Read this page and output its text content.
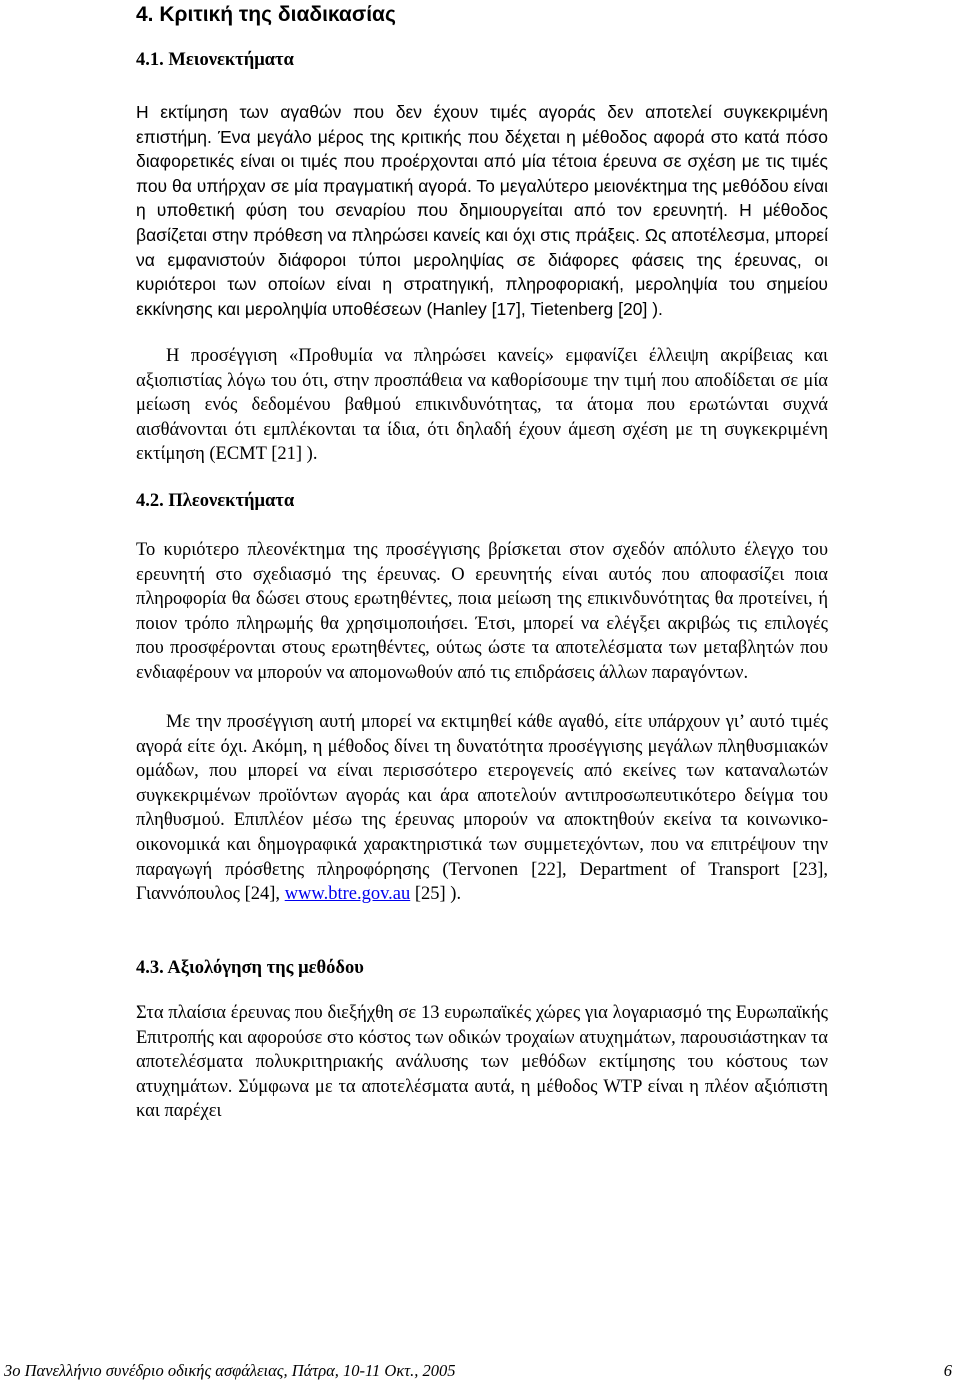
4. Κριτική της διαδικασίας
4.1. Μειονεκτήματα

Η εκτίμηση των αγαθών που δεν έχουν τιμές αγοράς δεν αποτελεί συγκεκριμένη επιστήμη. Ένα μεγάλο μέρος της κριτικής που δέχεται η μέθοδος αφορά στο κατά πόσο διαφορετικές είναι οι τιμές που προέρχονται από μία τέτοια έρευνα σε σχέση με τις τιμές που θα υπήρχαν σε μία πραγματική αγορά. Το μεγαλύτερο μειονέκτημα της μεθόδου είναι η υποθετική φύση του σεναρίου που δημιουργείται από τον ερευνητή. Η μέθοδος βασίζεται στην πρόθεση να πληρώσει κανείς και όχι στις πράξεις. Ως αποτέλεσμα, μπορεί να εμφανιστούν διάφοροι τύποι μεροληψίας σε διάφορες φάσεις της έρευνας, οι κυριότεροι των οποίων είναι η στρατηγική, πληροφοριακή, μεροληψία του σημείου εκκίνησης και μεροληψία υποθέσεων (Hanley [17], Tietenberg [20] ).

Η προσέγγιση «Προθυμία να πληρώσει κανείς» εμφανίζει έλλειψη ακρίβειας και αξιοπιστίας λόγω του ότι, στην προσπάθεια να καθορίσουμε την τιμή που αποδίδεται σε μία μείωση ενός δεδομένου βαθμού επικινδυνότητας, τα άτομα που ερωτώνται συχνά αισθάνονται ότι εμπλέκονται τα ίδια, ότι δηλαδή έχουν άμεση σχέση με τη συγκεκριμένη εκτίμηση (ECMT [21] ).

4.2. Πλεονεκτήματα

Το κυριότερο πλεονέκτημα της προσέγγισης βρίσκεται στον σχεδόν απόλυτο έλεγχο του ερευνητή στο σχεδιασμό της έρευνας. Ο ερευνητής είναι αυτός που αποφασίζει ποια πληροφορία θα δώσει στους ερωτηθέντες, ποια μείωση της επικινδυνότητας θα προτείνει, ή ποιον τρόπο πληρωμής θα χρησιμοποιήσει. Έτσι, μπορεί να ελέγξει ακριβώς τις επιλογές που προσφέρονται στους ερωτηθέντες, ούτως ώστε τα αποτελέσματα των μεταβλητών που ενδιαφέρουν να μπορούν να απομονωθούν από τις επιδράσεις άλλων παραγόντων.

Με την προσέγγιση αυτή μπορεί να εκτιμηθεί κάθε αγαθό, είτε υπάρχουν γι’ αυτό τιμές αγορά είτε όχι. Ακόμη, η μέθοδος δίνει τη δυνατότητα προσέγγισης μεγάλων πληθυσμιακών ομάδων, που μπορεί να είναι περισσότερο ετερογενείς από εκείνες των καταναλωτών συγκεκριμένων προϊόντων αγοράς και άρα αποτελούν αντιπροσωπευτικότερο δείγμα του πληθυσμού. Επιπλέον μέσω της έρευνας μπορούν να αποκτηθούν εκείνα τα κοινωνικο-οικονομικά και δημογραφικά χαρακτηριστικά των συμμετεχόντων, που να επιτρέψουν την παραγωγή πρόσθετης πληροφόρησης (Tervonen [22], Department of Transport [23], Γιαννόπουλος [24], www.btre.gov.au [25] ).

4.3. Αξιολόγηση της μεθόδου

Στα πλαίσια έρευνας που διεξήχθη σε 13 ευρωπαϊκές χώρες για λογαριασμό της Ευρωπαϊκής Επιτροπής και αφορούσε στο κόστος των οδικών τροχαίων ατυχημάτων, παρουσιάστηκαν τα αποτελέσματα πολυκριτηριακής ανάλυσης των μεθόδων εκτίμησης του κόστους των ατυχημάτων. Σύμφωνα με τα αποτελέσματα αυτά, η μέθοδος WTP είναι η πλέον αξιόπιστη και παρέχει

3ο Πανελλήνιο συνέδριο οδικής ασφάλειας, Πάτρα, 10-11 Οκτ., 2005	6
